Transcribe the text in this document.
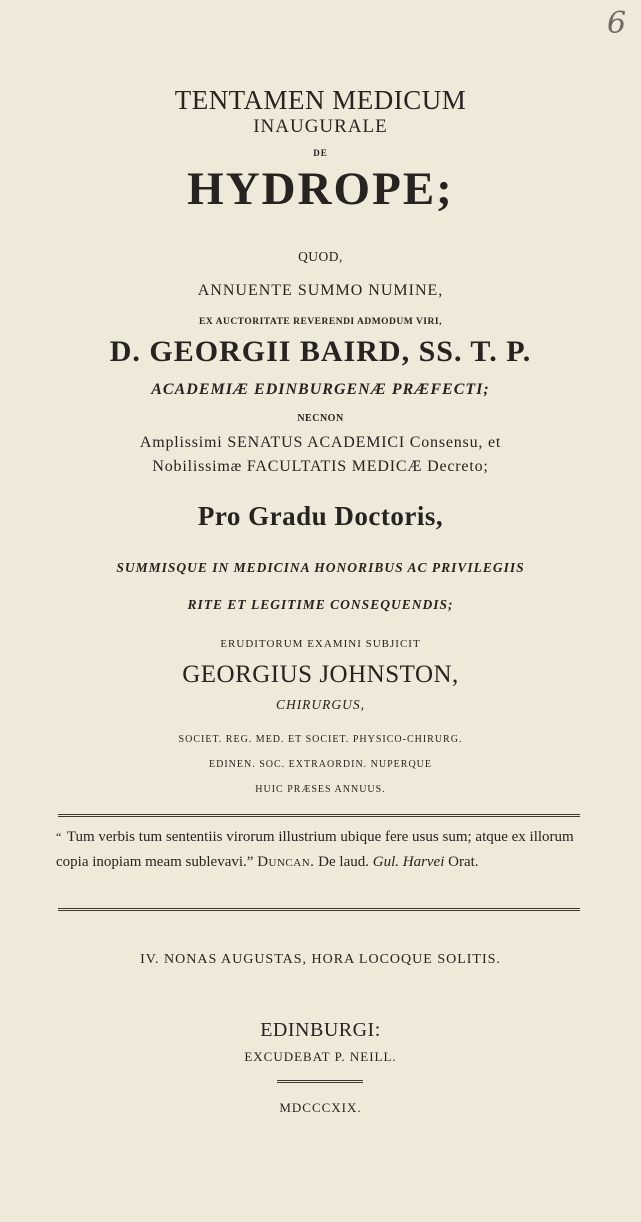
6
TENTAMEN MEDICUM
INAUGURALE
DE
HYDROPE;
QUOD,
ANNUENTE SUMMO NUMINE,
EX AUCTORITATE REVERENDI ADMODUM VIRI,
D. GEORGII BAIRD, SS. T. P.
ACADEMIÆ EDINBURGENÆ PRÆFECTI;
NECNON
Amplissimi SENATUS ACADEMICI Consensu, et
Nobilissimæ FACULTATIS MEDICÆ Decreto;
Pro Gradu Doctoris,
SUMMISQUE IN MEDICINA HONORIBUS AC PRIVILEGIIS
RITE ET LEGITIME CONSEQUENDIS;
ERUDITORUM EXAMINI SUBJICIT
GEORGIUS JOHNSTON,
CHIRURGUS,
SOCIET. REG. MED. ET SOCIET. PHYSICO-CHIRURG.
EDINEN. SOC. EXTRAORDIN. NUPERQUE
HUIC PRÆSES ANNUUS.
“ Tum verbis tum sententiis virorum illustrium ubique fere usus sum; atque ex illorum copia inopiam meam sublevavi.” Duncan. De laud. Gul. Harvei Orat.
IV. NONAS AUGUSTAS, HORA LOCOQUE SOLITIS.
EDINBURGI:
EXCUDEBAT P. NEILL.
MDCCCXIX.
